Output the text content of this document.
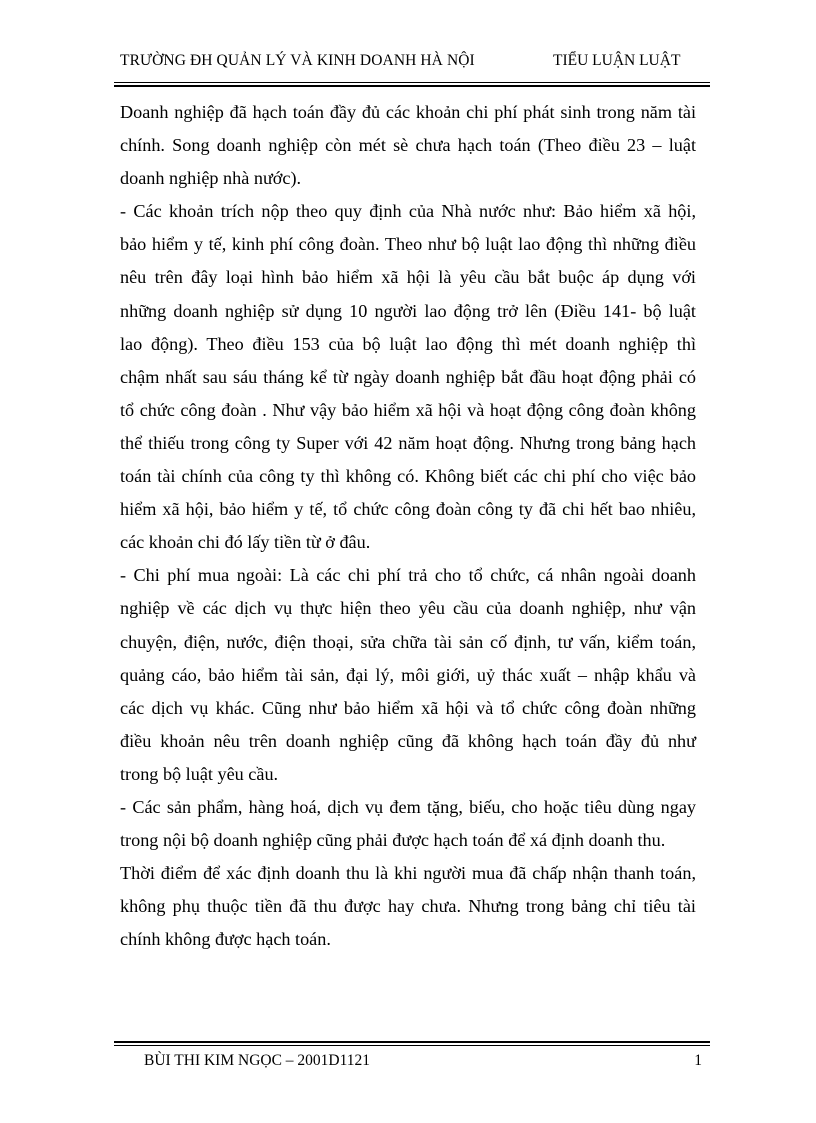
TRƯỜNG ĐH QUẢN LÝ VÀ KINH DOANH HÀ NỘI	TIỂU LUẬN LUẬT

Doanh nghiệp đã hạch toán đầy đủ các khoản chi phí phát sinh trong năm tài
chính. Song doanh nghiệp còn mét sè chưa hạch toán (Theo điều 23 – luật
doanh nghiệp nhà nước).

- Các khoản trích nộp theo quy định của Nhà nước như: Bảo hiểm xã hội,
bảo hiểm y tế, kinh phí công đoàn. Theo như bộ luật lao động thì những điều
nêu trên đây loại hình bảo hiểm xã hội là yêu cầu bắt buộc áp dụng với
những doanh nghiệp sử dụng 10 người lao động trở lên (Điều 141- bộ luật
lao động). Theo điều 153 của bộ luật lao động thì mét doanh nghiệp thì
chậm nhất sau sáu tháng kể từ ngày doanh nghiệp bắt đầu hoạt động phải có
tổ chức công đoàn . Như vậy bảo hiểm xã hội và hoạt động công đoàn không
thể thiếu trong công ty Super với 42 năm hoạt động. Nhưng trong bảng hạch
toán tài chính của công ty thì không có. Không biết các chi phí cho việc bảo
hiểm xã hội, bảo hiểm y tế, tổ chức công đoàn công ty đã chi hết bao nhiêu,
các khoản chi đó lấy tiền từ ở đâu.

- Chi phí mua ngoài: Là các chi phí trả cho tổ chức, cá nhân ngoài doanh
nghiệp về các dịch vụ thực hiện theo yêu cầu của doanh nghiệp, như vận
chuyện, điện, nước, điện thoại, sửa chữa tài sản cố định, tư vấn, kiểm toán,
quảng cáo, bảo hiểm tài sản, đại lý, môi giới, uỷ thác xuất – nhập khẩu và
các dịch vụ khác. Cũng như bảo hiểm xã hội và tổ chức công đoàn những
điều khoản nêu trên doanh nghiệp cũng đã không hạch toán đầy đủ như
trong bộ luật yêu cầu.

- Các sản phẩm, hàng hoá, dịch vụ đem tặng, biếu, cho hoặc tiêu dùng ngay
trong nội bộ doanh nghiệp cũng phải được hạch toán để xá định doanh thu.
Thời điểm để xác định doanh thu là khi người mua đã chấp nhận thanh toán,
không phụ thuộc tiền đã thu được hay chưa. Nhưng trong bảng chỉ tiêu tài
chính không được hạch toán.

BÙI THI KIM NGỌC – 2001D1121	1
